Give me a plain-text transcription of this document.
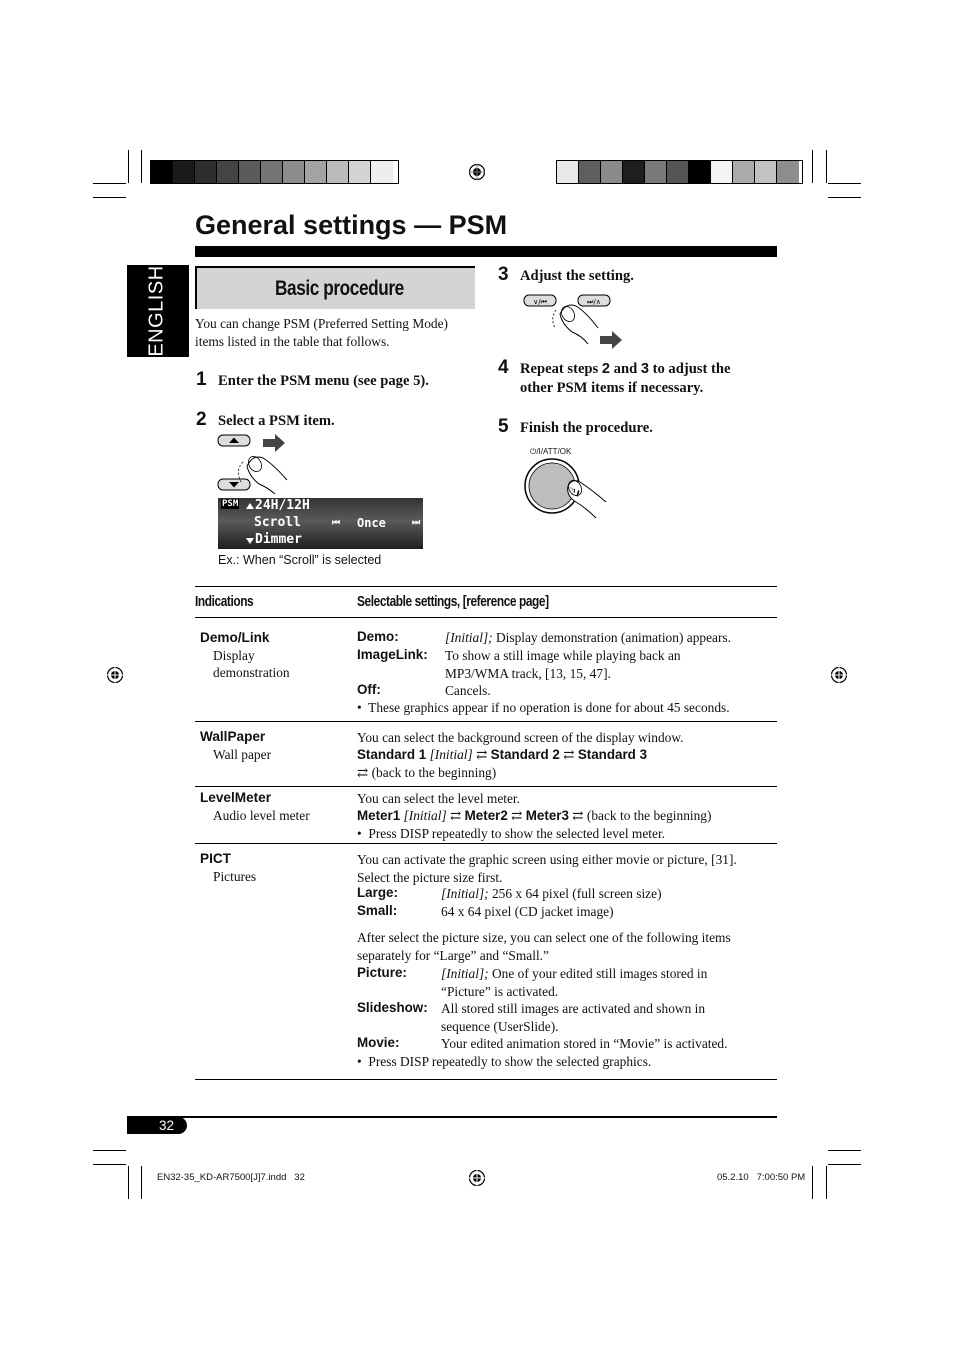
General settings — PSM
ENGLISH	Basic procedure
You can change PSM (Preferred Setting Mode)
items listed in the table that follows.
1 Enter the PSM menu (see page 5).
2 Select a PSM item.
PSM 24H/12H
Scroll	⏮ Once	⏭
Dimmer
Ex.: When “Scroll” is selected
3 Adjust the setting.
∨/⏮	⏭/∧
4 Repeat steps 2 and 3 to adjust the
other PSM items if necessary.
5 Finish the procedure.
⏻/I/ATT/OK
Indications	Selectable settings, [reference page]
Demo/Link
Display
demonstration
Demo:	[Initial]; Display demonstration (animation) appears.
ImageLink: To show a still image while playing back an
MP3/WMA track, [13, 15, 47].
Off:	Cancels.
•  These graphics appear if no operation is done for about 45 seconds.
WallPaper
Wall paper
You can select the background screen of the display window.
Standard 1 [Initial] ⇄ Standard 2 ⇄ Standard 3
⇄ (back to the beginning)
LevelMeter
Audio level meter
You can select the level meter.
Meter1 [Initial] ⇄ Meter2 ⇄ Meter3 ⇄ (back to the beginning)
•  Press DISP repeatedly to show the selected level meter.
PICT
Pictures
You can activate the graphic screen using either movie or picture, [31].
Select the picture size first.
Large:	[Initial]; 256 x 64 pixel (full screen size)
Small:	64 x 64 pixel (CD jacket image)
After select the picture size, you can select one of the following items
separately for “Large” and “Small.”
Picture:	[Initial]; One of your edited still images stored in
“Picture” is activated.
Slideshow: All stored still images are activated and shown in
sequence (UserSlide).
Movie:	Your edited animation stored in “Movie” is activated.
•  Press DISP repeatedly to show the selected graphics.
32
EN32-35_KD-AR7500[J]7.indd   32	05.2.10   7:00:50 PM
